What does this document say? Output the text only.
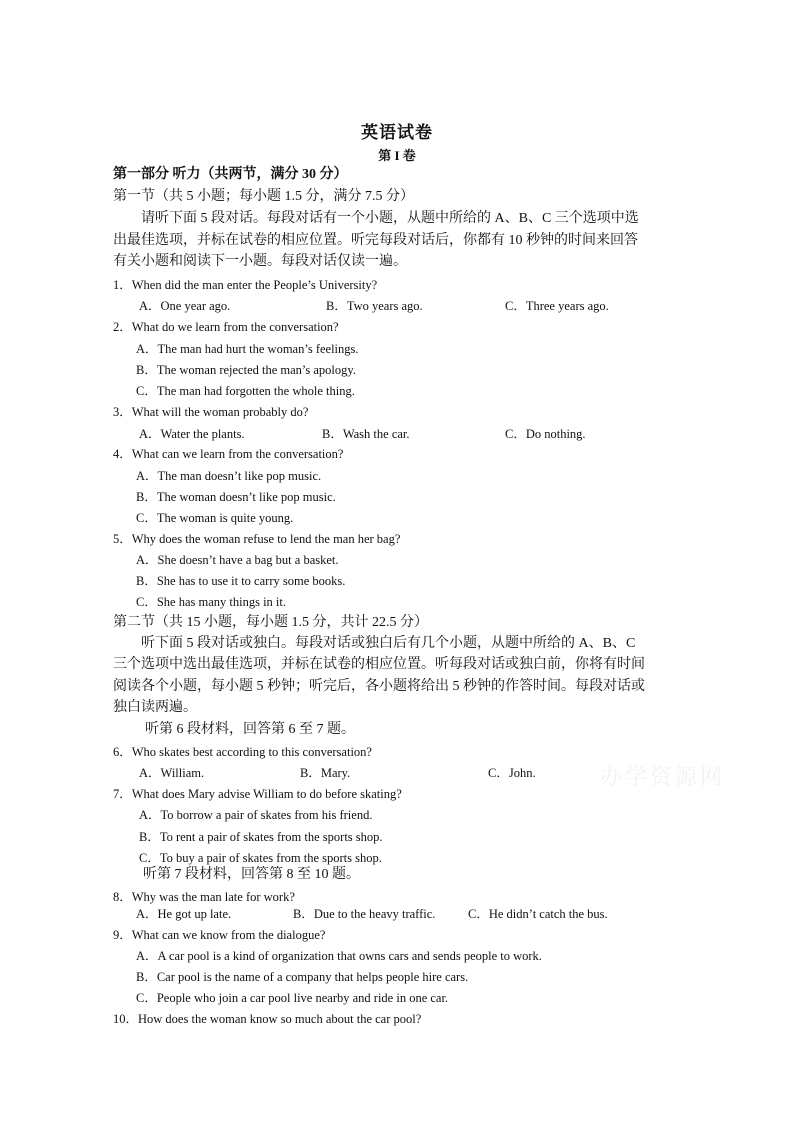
英语试卷
第 I 卷
第一部分 听力（共两节，满分 30 分）
第一节（共 5 小题；每小题 1.5 分，满分 7.5 分）
请听下面 5 段对话。每段对话有一个小题，从题中所给的 A、B、C 三个选项中选
出最佳选项，并标在试卷的相应位置。听完每段对话后，你都有 10 秒钟的时间来回答
有关小题和阅读下一小题。每段对话仅读一遍。
1．When did the man enter the People’s University?
A．One year ago.	B．Two years ago.	C．Three years ago.
2．What do we learn from the conversation?
A．The man had hurt the woman’s feelings.
B．The woman rejected the man’s apology.
C．The man had forgotten the whole thing.
3．What will the woman probably do?
A．Water the plants.	B．Wash the car.	C．Do nothing.
4．What can we learn from the conversation?
A．The man doesn’t like pop music.
B．The woman doesn’t like pop music.
C．The woman is quite young.
5．Why does the woman refuse to lend the man her bag?
A．She doesn’t have a bag but a basket.
B．She has to use it to carry some books.
C．She has many things in it.
第二节（共 15 小题，每小题 1.5 分，共计 22.5 分）
听下面 5 段对话或独白。每段对话或独白后有几个小题，从题中所给的 A、B、C
三个选项中选出最佳选项，并标在试卷的相应位置。听每段对话或独白前，你将有时间
阅读各个小题，每小题 5 秒钟；听完后，各小题将给出 5 秒钟的作答时间。每段对话或
独白读两遍。
听第 6 段材料，回答第 6 至 7 题。
6．Who skates best according to this conversation?
A．William.	B．Mary.	C．John.	办学资源网
7．What does Mary advise William to do before skating?
A．To borrow a pair of skates from his friend.
B．To rent a pair of skates from the sports shop.
C．To buy a pair of skates from the sports shop.
听第 7 段材料，回答第 8 至 10 题。
8．Why was the man late for work?
A．He got up late.	B．Due to the heavy traffic.	C．He didn’t catch the bus.
9．What can we know from the dialogue?
A．A car pool is a kind of organization that owns cars and sends people to work.
B．Car pool is the name of a company that helps people hire cars.
C．People who join a car pool live nearby and ride in one car.
10．How does the woman know so much about the car pool?
